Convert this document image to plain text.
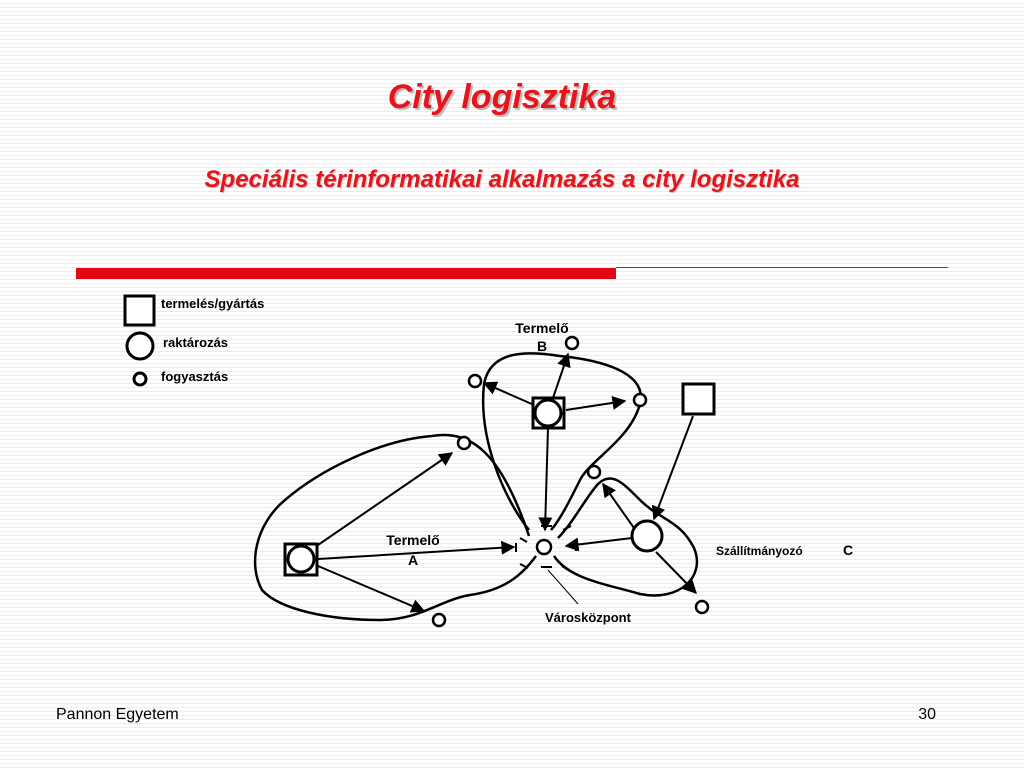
City logisztika
Speciális térinformatikai alkalmazás a city logisztika
termelés/gyártás
raktározás
fogyasztás
Termelő
B
Termelő
A
Szállítmányozó	C
Városközpont
Pannon Egyetem	30
